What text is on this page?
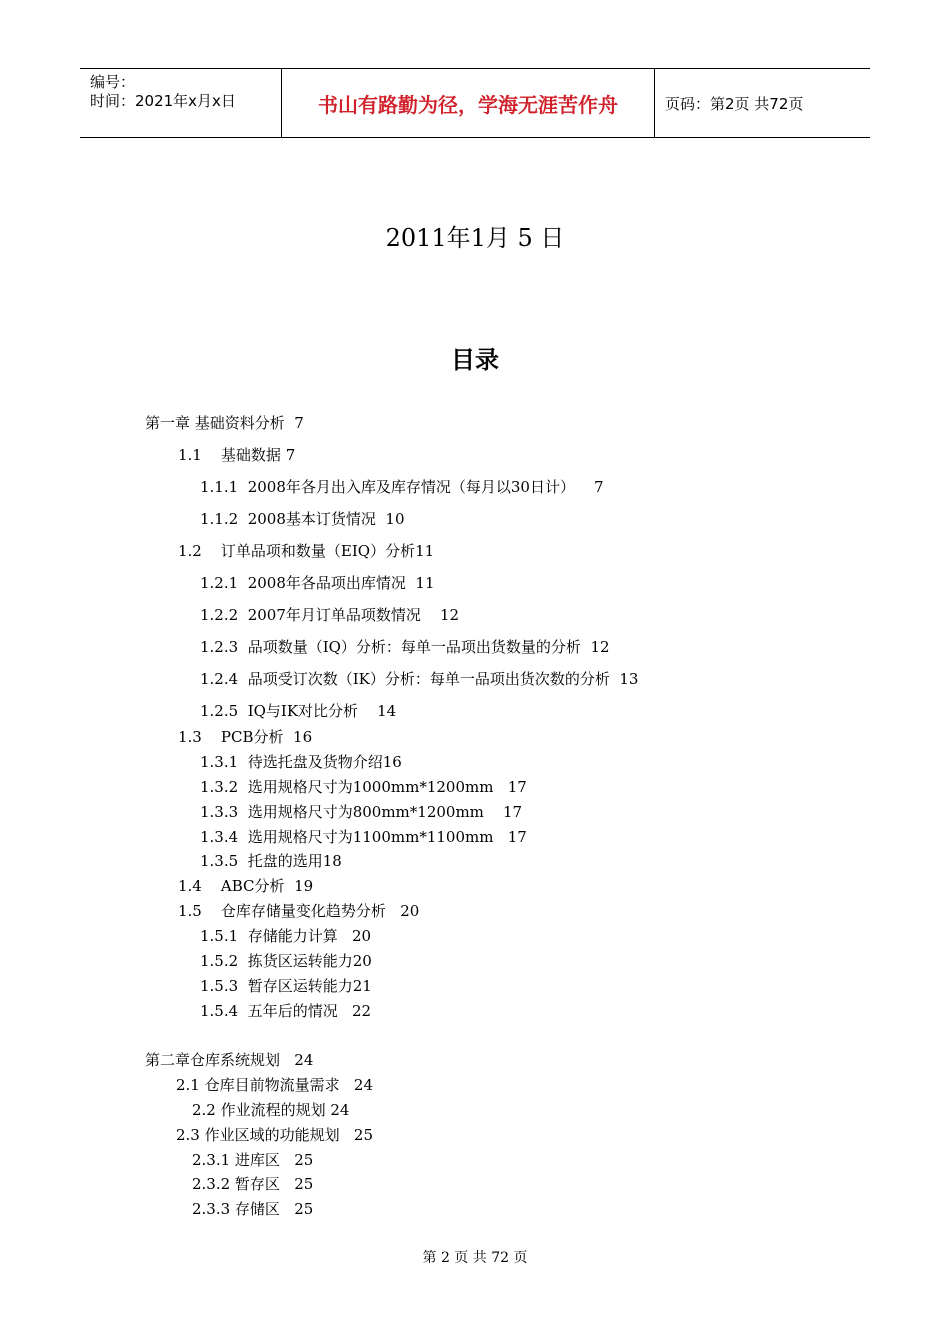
编号：
时间：2021年x月x日	书山有路勤为径，学海无涯苦作舟	页码：第2页 共72页
2011年1月 5 日
目录
第一章 基础资料分析  7
1.1    基础数据 7
1.1.1  2008年各月出入库及库存情况（每月以30日计）    7
1.1.2  2008基本订货情况  10
1.2    订单品项和数量（EIQ）分析11
1.2.1  2008年各品项出库情况  11
1.2.2  2007年月订单品项数情况    12
1.2.3  品项数量（IQ）分析：每单一品项出货数量的分析  12
1.2.4  品项受订次数（IK）分析：每单一品项出货次数的分析  13
1.2.5  IQ与IK对比分析    14
1.3    PCB分析  16
1.3.1  待选托盘及货物介绍16
1.3.2  选用规格尺寸为1000mm*1200mm   17
1.3.3  选用规格尺寸为800mm*1200mm    17
1.3.4  选用规格尺寸为1100mm*1100mm   17
1.3.5  托盘的选用18
1.4    ABC分析  19
1.5    仓库存储量变化趋势分析   20
1.5.1  存储能力计算   20
1.5.2  拣货区运转能力20
1.5.3  暂存区运转能力21
1.5.4  五年后的情况   22
第二章仓库系统规划   24
2.1 仓库目前物流量需求   24
2.2 作业流程的规划 24
2.3 作业区域的功能规划   25
2.3.1 进库区   25
2.3.2 暂存区   25
2.3.3 存储区   25
第 2 页 共 72 页
